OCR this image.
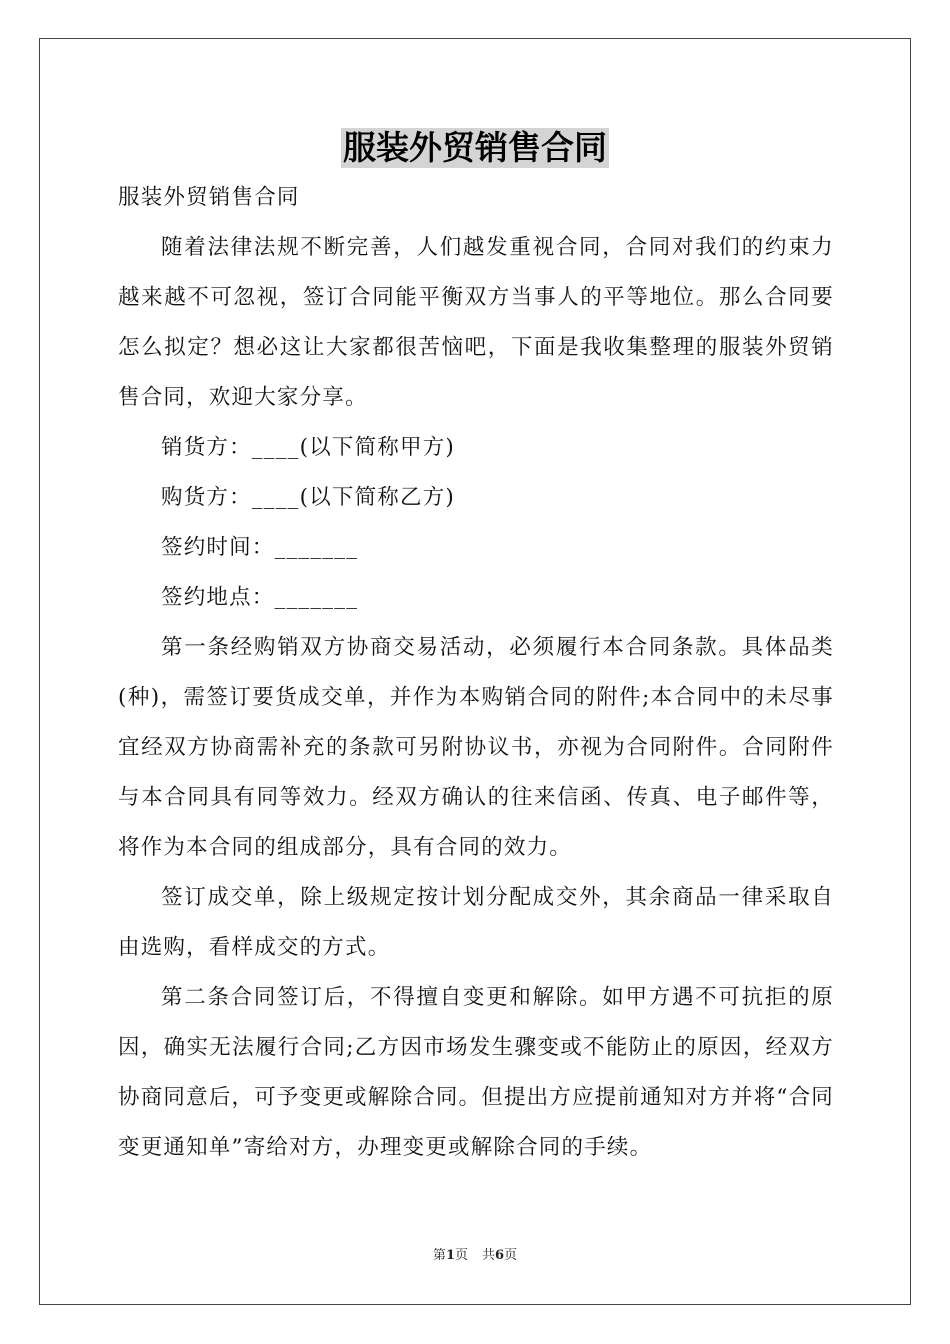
服装外贸销售合同

服装外贸销售合同

随着法律法规不断完善，人们越发重视合同，合同对我们的约束力越来越不可忽视，签订合同能平衡双方当事人的平等地位。那么合同要怎么拟定？想必这让大家都很苦恼吧，下面是我收集整理的服装外贸销售合同，欢迎大家分享。

销货方：____(以下简称甲方)

购货方：____(以下简称乙方)

签约时间：_______

签约地点：_______

第一条经购销双方协商交易活动，必须履行本合同条款。具体品类(种)，需签订要货成交单，并作为本购销合同的附件;本合同中的未尽事宜经双方协商需补充的条款可另附协议书，亦视为合同附件。合同附件与本合同具有同等效力。经双方确认的往来信函、传真、电子邮件等，将作为本合同的组成部分，具有合同的效力。

签订成交单，除上级规定按计划分配成交外，其余商品一律采取自由选购，看样成交的方式。

第二条合同签订后，不得擅自变更和解除。如甲方遇不可抗拒的原因，确实无法履行合同;乙方因市场发生骤变或不能防止的原因，经双方协商同意后，可予变更或解除合同。但提出方应提前通知对方并将“合同变更通知单”寄给对方，办理变更或解除合同的手续。

第1页 共6页
